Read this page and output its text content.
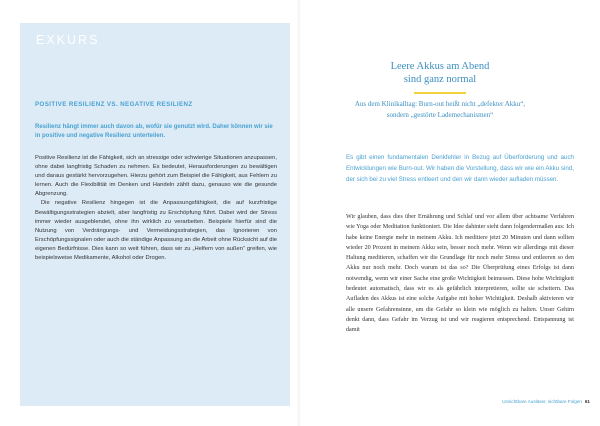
EXKURS
POSITIVE RESILIENZ VS. NEGATIVE RESILIENZ
Resilienz hängt immer auch davon ab, wofür sie genutzt wird. Daher können wir sie in positive und negative Resilienz unterteilen.

Positive Resilienz ist die Fähigkeit, sich an stressige oder schwierige Situationen anzupassen, ohne dabei langfristig Schaden zu nehmen. Es bedeutet, Herausforderungen zu bewältigen und daraus gestärkt hervorzugehen. Hierzu gehört zum Beispiel die Fähigkeit, aus Fehlern zu lernen. Auch die Flexibilität im Denken und Handeln zählt dazu, genauso wie die gesunde Abgrenzung.

Die negative Resilienz hingegen ist die Anpassungsfähigkeit, die auf kurzfristige Bewältigungsstrategien abzielt, aber langfristig zu Erschöpfung führt. Dabei wird der Stress immer wieder ausgeblendet, ohne ihn wirklich zu verarbeiten. Beispiele hierfür sind die Nutzung von Verdrängungs- und Vermeidungsstrategien, das Ignorieren von Erschöpfungssignalen oder auch die ständige Anpassung an die Arbeit ohne Rücksicht auf die eigenen Bedürfnisse. Dies kann so weit führen, dass wir zu „Helfern von außen“ greifen, wie beispielsweise Medikamente, Alkohol oder Drogen.

Leere Akkus am Abend
sind ganz normal
Aus dem Klinikalltag: Burn-out heißt nicht „defekter Akku“, sondern „gestörte Lademechanismen“
Es gibt einen fundamentalen Denkfehler in Bezug auf Überforderung und auch Entwicklungen wie Burn-out. Wir haben die Vorstellung, dass wir wie ein Akku sind, der sich bei zu viel Stress entleert und den wir dann wieder aufladen müssen.
Wir glauben, dass dies über Ernährung und Schlaf und vor allem über achtsame Verfahren wie Yoga oder Meditation funktioniert. Die Idee dahinter sieht dann folgendermaßen aus: Ich habe keine Energie mehr in meinem Akku. Ich meditiere jetzt 20 Minuten und dann sollten wieder 20 Prozent in meinem Akku sein, besser noch mehr. Wenn wir allerdings mit dieser Haltung meditieren, schaffen wir die Grundlage für noch mehr Stress und entleeren so den Akku nur noch mehr. Doch warum ist das so? Die Überprüfung eines Erfolgs ist dann notwendig, wenn wir einer Sache eine große Wichtigkeit beimessen. Diese hohe Wichtigkeit bedeutet automatisch, dass wir es als gefährlich interpretieren, sollte sie scheitern. Das Aufladen des Akkus ist eine solche Aufgabe mit hoher Wichtigkeit. Deshalb aktivieren wir alle unsere Gefahrensinne, um die Gefahr so klein wie möglich zu halten. Unser Gehirn denkt dann, dass Gefahr im Verzug ist und wir reagieren entsprechend. Entspannung ist damit
Unsichtbare Ausläser, sichtbare Folgen 61
